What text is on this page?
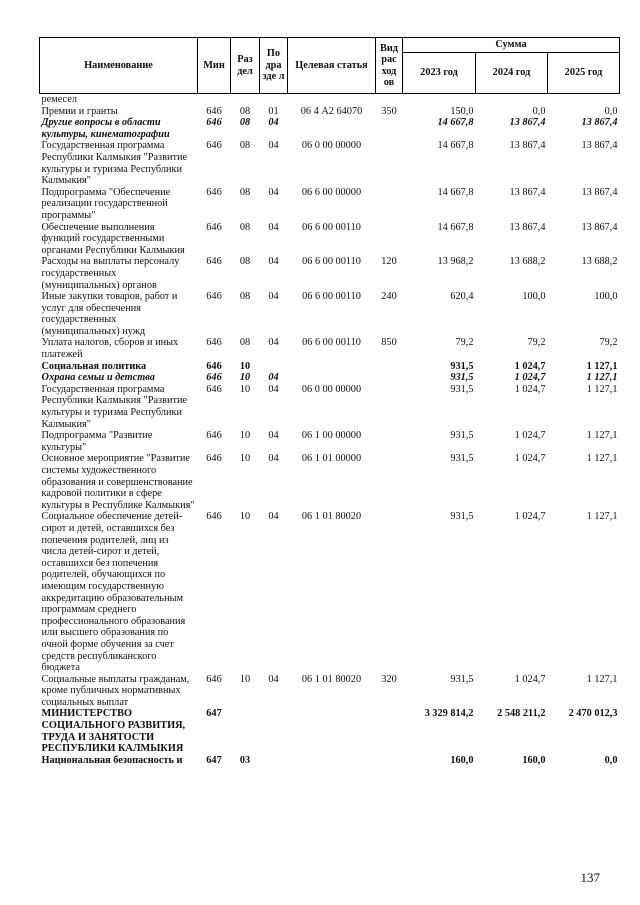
Наименование	Мин	Раз дел	По дра зде л	Целевая статья	Вид рас ход ов	Сумма		
						2023 год	2024 год	2025 год
ремесел								
Премии и гранты	646	08	01	06 4 А2 64070	350	150,0	0,0	0,0
Другие вопросы в области культуры, кинематографии	646	08	04			14 667,8	13 867,4	13 867,4
Государственная программа Республики Калмыкия "Развитие культуры и туризма Республики Калмыкия"	646	08	04	06 0 00 00000		14 667,8	13 867,4	13 867,4
Подпрограмма "Обеспечение реализации государственной программы"	646	08	04	06 6 00 00000		14 667,8	13 867,4	13 867,4
Обеспечение выполнения функций государственными органами Республики Калмыкия	646	08	04	06 6 00 00110		14 667,8	13 867,4	13 867,4
Расходы на выплаты персоналу государственных (муниципальных) органов	646	08	04	06 6 00 00110	120	13 968,2	13 688,2	13 688,2
Иные закупки товаров, работ и услуг для обеспечения государственных (муниципальных) нужд	646	08	04	06 6 00 00110	240	620,4	100,0	100,0
Уплата налогов, сборов и иных платежей	646	08	04	06 6 00 00110	850	79,2	79,2	79,2
Социальная политика	646	10				931,5	1 024,7	1 127,1
Охрана семьи и детства	646	10	04			931,5	1 024,7	1 127,1
Государственная программа Республики Калмыкия "Развитие культуры и туризма Республики Калмыкия"	646	10	04	06 0 00 00000		931,5	1 024,7	1 127,1
Подпрограмма "Развитие культуры"	646	10	04	06 1 00 00000		931,5	1 024,7	1 127,1
Основное мероприятие "Развитие системы художественного образования и совершенствование кадровой политики в сфере культуры в Республике Калмыкия"	646	10	04	06 1 01 00000		931,5	1 024,7	1 127,1
Социальное обеспечение детей-сирот и детей, оставшихся без попечения родителей, лиц из числа детей-сирот и детей, оставшихся без попечения родителей, обучающихся по имеющим государственную аккредитацию образовательным программам среднего профессионального образования или высшего образования по очной форме обучения за счет средств республиканского бюджета	646	10	04	06 1 01 80020		931,5	1 024,7	1 127,1
Социальные выплаты гражданам, кроме публичных нормативных социальных выплат	646	10	04	06 1 01 80020	320	931,5	1 024,7	1 127,1
МИНИСТЕРСТВО СОЦИАЛЬНОГО РАЗВИТИЯ, ТРУДА И ЗАНЯТОСТИ РЕСПУБЛИКИ КАЛМЫКИЯ	647					3 329 814,2	2 548 211,2	2 470 012,3
Национальная безопасность и	647	03				160,0	160,0	0,0
137
